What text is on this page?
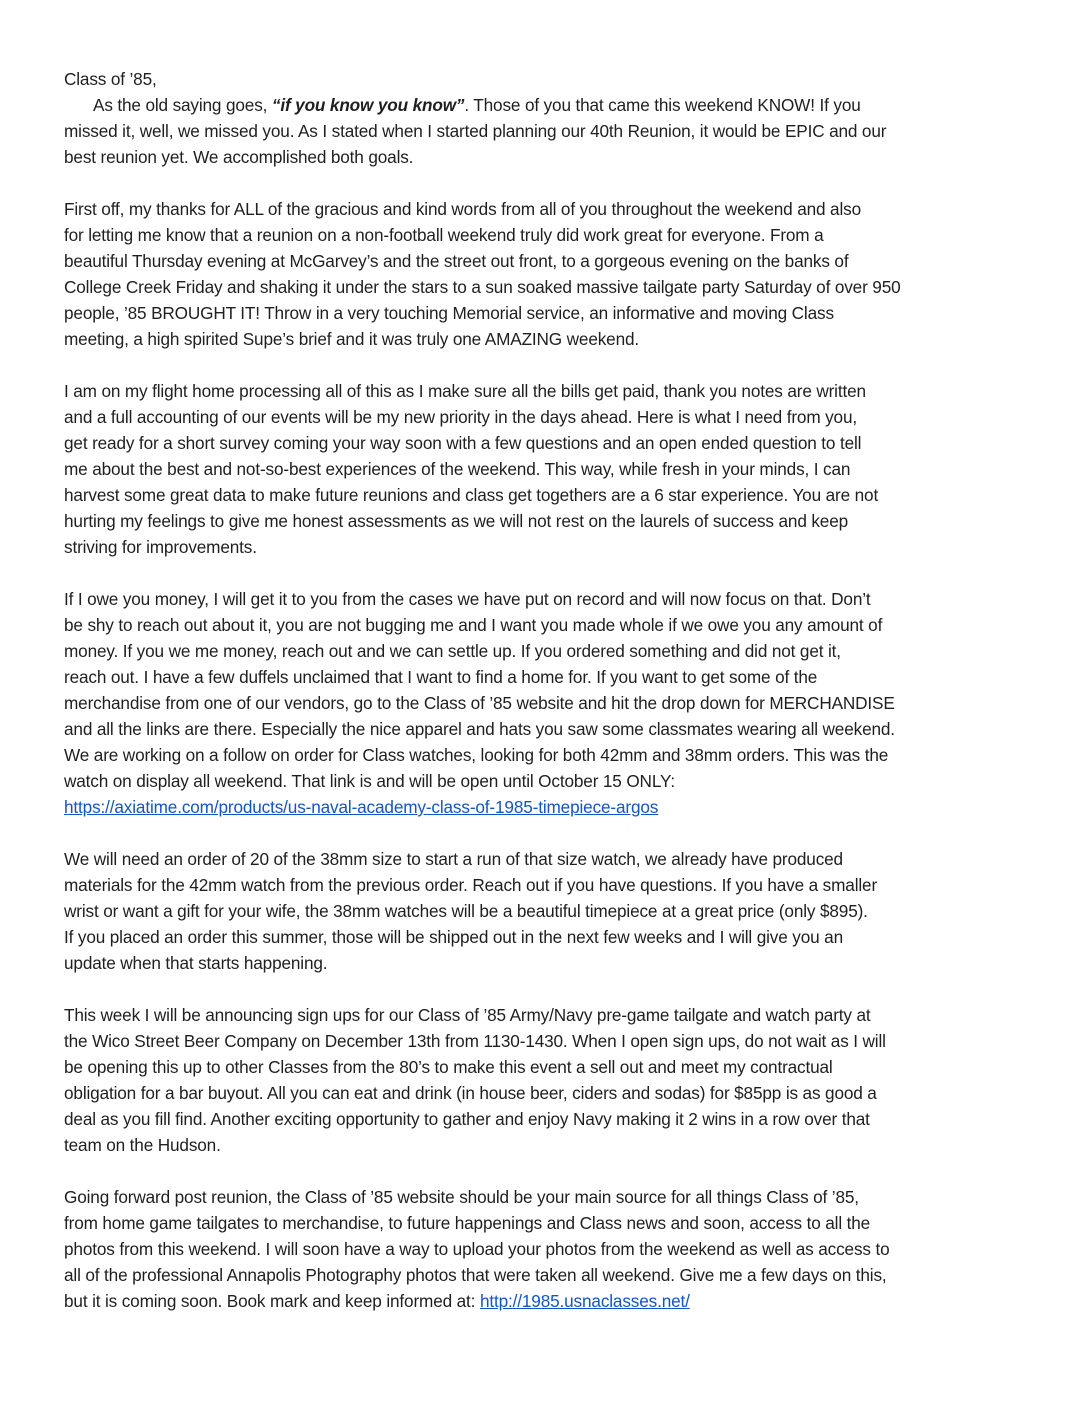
Class of ’85,
As the old saying goes, “if you know you know”. Those of you that came this weekend KNOW! If you
missed it, well, we missed you. As I stated when I started planning our 40th Reunion, it would be EPIC and our
best reunion yet. We accomplished both goals.
First off, my thanks for ALL of the gracious and kind words from all of you throughout the weekend and also
for letting me know that a reunion on a non-football weekend truly did work great for everyone. From a
beautiful Thursday evening at McGarvey’s and the street out front, to a gorgeous evening on the banks of
College Creek Friday and shaking it under the stars to a sun soaked massive tailgate party Saturday of over 950
people, ’85 BROUGHT IT! Throw in a very touching Memorial service, an informative and moving Class
meeting, a high spirited Supe’s brief and it was truly one AMAZING weekend.
I am on my flight home processing all of this as I make sure all the bills get paid, thank you notes are written
and a full accounting of our events will be my new priority in the days ahead. Here is what I need from you,
get ready for a short survey coming your way soon with a few questions and an open ended question to tell
me about the best and not-so-best experiences of the weekend. This way, while fresh in your minds, I can
harvest some great data to make future reunions and class get togethers are a 6 star experience. You are not
hurting my feelings to give me honest assessments as we will not rest on the laurels of success and keep
striving for improvements.
If I owe you money, I will get it to you from the cases we have put on record and will now focus on that. Don’t
be shy to reach out about it, you are not bugging me and I want you made whole if we owe you any amount of
money. If you we me money, reach out and we can settle up. If you ordered something and did not get it,
reach out. I have a few duffels unclaimed that I want to find a home for. If you want to get some of the
merchandise from one of our vendors, go to the Class of ’85 website and hit the drop down for MERCHANDISE
and all the links are there. Especially the nice apparel and hats you saw some classmates wearing all weekend.
We are working on a follow on order for Class watches, looking for both 42mm and 38mm orders. This was the
watch on display all weekend. That link is and will be open until October 15 ONLY:
https://axiatime.com/products/us-naval-academy-class-of-1985-timepiece-argos
We will need an order of 20 of the 38mm size to start a run of that size watch, we already have produced
materials for the 42mm watch from the previous order. Reach out if you have questions. If you have a smaller
wrist or want a gift for your wife, the 38mm watches will be a beautiful timepiece at a great price (only $895).
If you placed an order this summer, those will be shipped out in the next few weeks and I will give you an
update when that starts happening.
This week I will be announcing sign ups for our Class of ’85 Army/Navy pre-game tailgate and watch party at
the Wico Street Beer Company on December 13th from 1130-1430. When I open sign ups, do not wait as I will
be opening this up to other Classes from the 80’s to make this event a sell out and meet my contractual
obligation for a bar buyout. All you can eat and drink (in house beer, ciders and sodas) for $85pp is as good a
deal as you fill find. Another exciting opportunity to gather and enjoy Navy making it 2 wins in a row over that
team on the Hudson.
Going forward post reunion, the Class of ’85 website should be your main source for all things Class of ’85,
from home game tailgates to merchandise, to future happenings and Class news and soon, access to all the
photos from this weekend. I will soon have a way to upload your photos from the weekend as well as access to
all of the professional Annapolis Photography photos that were taken all weekend. Give me a few days on this,
but it is coming soon. Book mark and keep informed at: http://1985.usnaclasses.net/
